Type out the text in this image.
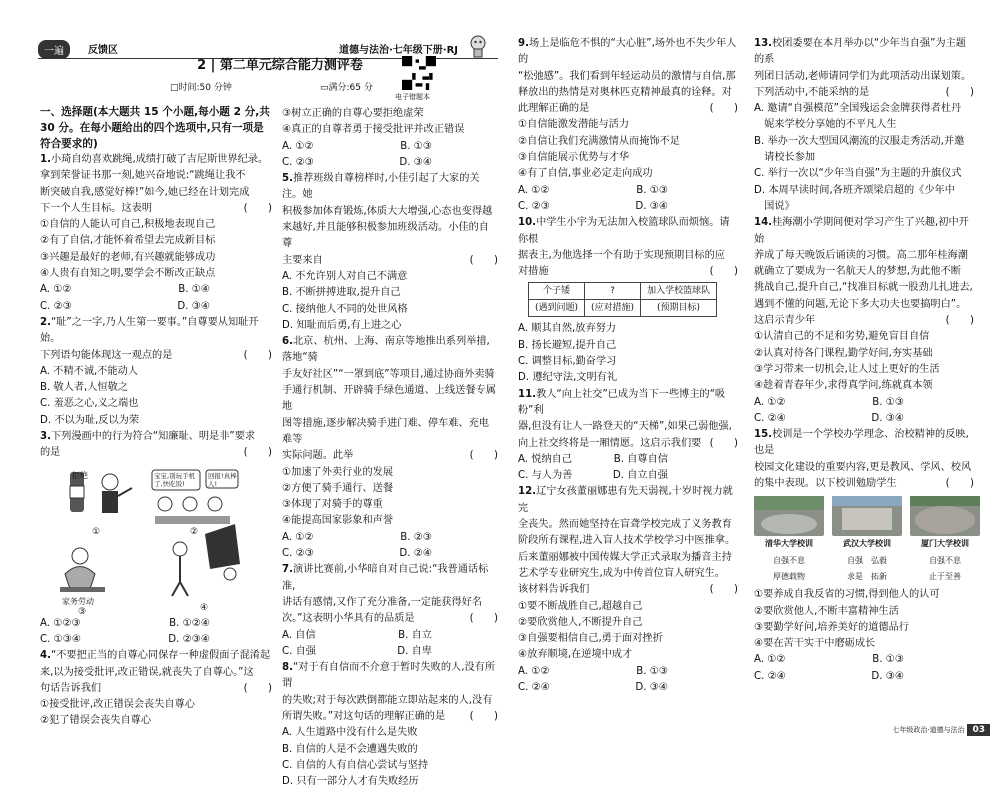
一遍	反馈区	道德与法治·七年级下册·RJ
2 | 第二单元综合能力测评卷
□时间:50 分钟	▭满分:65 分
电子错题本

一、选择题(本大题共 15 个小题,每小题 2 分,共 30 分。在每小题给出的四个选项中,只有一项是符合要求的)

1.小琦自幼喜欢跳绳,成绩打破了吉尼斯世界纪录。

拿到荣誉证书那一刻,她兴奋地说:“跳绳让我不

断突破自我,感觉好棒!”如今,她已经在计划完成

下一个人生目标。这表明	(　　)

①自信的人能认可自己,积极地表现自己

②有了自信,才能怀着希望去完成新目标

③兴趣是最好的老师,有兴趣就能够成功

④人贵有自知之明,要学会不断改正缺点

A. ①②	B. ①④

C. ②③	D. ③④

2.“耻”之一字,乃人生第一要事。”自尊要从知耻开始。

下列语句能体现这一观点的是	(　　)

A. 不精不诚,不能动人

B. 敬人者,人恒敬之

C. 羞恶之心,义之端也

D. 不以为耻,反以为荣

3.下列漫画中的行为符合“知廉耻、明是非”要求

的是	(　　)

拒绝	宝宝,别玩手机了,快吃饭!
回报!真棒人!
①	②
家务劳动
③	④

A. ①②③	B. ①②④

C. ①③④	D. ②③④

4.“不要把正当的自尊心同保存一种虚假面子混淆起

来,以为接受批评,改正错误,就丧失了自尊心。”这

句话告诉我们	(　　)

①接受批评,改正错误会丧失自尊心

②犯了错误会丧失自尊心

③树立正确的自尊心要拒绝虚荣

④真正的自尊者勇于接受批评并改正错误

A. ①②	B. ①③

C. ②③	D. ③④

5.推荐班级自尊榜样时,小佳引起了大家的关注。她

积极参加体育锻炼,体质大大增强,心态也变得越

来越好,并且能够积极参加班级活动。小佳的自尊

主要来自	(　　)

A. 不允许别人对自己不满意

B. 不断拼搏进取,提升自己

C. 接纳他人不同的处世风格

D. 知耻而后勇,有上进之心

6.北京、杭州、上海、南京等地推出系列举措,落地“骑

手友好社区”“一罩到底”等项目,通过协商外卖骑

手通行机制、开辟骑手绿色通道、上线送餐专属地

图等措施,逐步解决骑手进门难、停车难、充电难等

实际问题。此举	(　　)

①加速了外卖行业的发展

②方便了骑手通行、送餐

③体现了对骑手的尊重

④能提高国家影象和声誉

A. ①②	B. ②③

C. ②③	D. ②④

7.演讲比赛前,小华暗自对自己说:“我普通话标准,

讲话有感情,又作了充分准备,一定能获得好名

次。”这表明小华具有的品质是	(　　)

A. 自信	B. 自立

C. 自强	D. 自卑

8.“对于有自信而不介意于暂时失败的人,没有所谓

的失败;对于每次跌倒都能立即站起来的人,没有

所谓失败。”对这句话的理解正确的是 (　　)

A. 人生道路中没有什么是失败

B. 自信的人是不会遭遇失败的

C. 自信的人有自信心尝试与坚持

D. 只有一部分人才有失败经历

9.场上是临危不惧的“大心脏”,场外也不失少年人的

“松弛感”。我们看到年轻运动员的激情与自信,那

释放出的热情是对奥林匹克精神最真的诠释。对

此理解正确的是	(　　)

①自信能激发潜能与活力

②自信让我们充满激情从而掩饰不足

③自信能展示优势与才华

④有了自信,事业必定走向成功

A. ①②	B. ①③

C. ②③	D. ③④

10.中学生小宇为无法加入校篮球队而烦恼。请你根

据表主,为他选择一个有助于实现预期目标的应

对措施	(　　)

个子矮	?	加入学校篮球队
(遇到问题)	(应对措施)	(预期目标)

A. 顺其自然,放弃努力

B. 扬长避短,提升自己

C. 调整目标,勤奋学习

D. 遵纪守法,文明有礼

11.教人“向上社交”已成为当下一些博主的“吸粉”利

器,但没有让人一路登天的“天梯”,如果己弱他强,

向上社交终将是一厢情愿。这启示我们要 (　　)

A. 悦纳自己	B. 自尊自信

C. 与人为善	D. 自立自强

12.辽宁女孩董丽娜患有先天弱视,十岁时视力就完

全丧失。然而她坚持在盲聋学校完成了义务教育

阶段所有课程,进入盲人技术学校学习中医推拿。

后来董丽娜被中国传媒大学正式录取为播音主持

艺术学专业研究生,成为中传首位盲人研究生。

该材料告诉我们	(　　)

①要不断战胜自己,超越自己

②要欣赏他人,不断提升自己

③自强要相信自己,勇于面对挫折

④放弃顺境,在逆境中成才

A. ①②	B. ①③

C. ②④	D. ③④

13.校团委要在本月举办以“少年当自强”为主题的系

列团日活动,老师请同学们为此项活动出谋划策。

下列活动中,不能采纳的是	(　　)

A. 邀请“自强模范”全国残运会金牌获得者杜丹

　妮来学校分享她的不平凡人生

B. 举办一次大型国风潮流的汉服走秀活动,并邀

　请校长参加

C. 举行一次以“少年当自强”为主题的升旗仪式

D. 本周早读时间,各班齐颂梁启超的《少年中

　国说》

14.桂海潮小学期间便对学习产生了兴趣,初中开始

养成了每天晚饭后诵读的习惯。高二那年桂海潮

就确立了要成为一名航天人的梦想,为此他不断

挑战自己,提升自己,“找准目标就一股劲儿扎进去,

遇到不懂的问题,无论下多大功夫也要搞明白”。

这启示青少年	(　　)

①认清自己的不足和劣势,避免盲目自信

②认真对待各门课程,勤学好问,夯实基础

③学习带来一切机会,让人过上更好的生活

④趁着青春年少,求得真学问,练就真本领

A. ①②	B. ①③

C. ②④	D. ③④

15.校训是一个学校办学理念、治校精神的反映,也是

校园文化建设的重要内容,更是教风、学风、校风

的集中表现。以下校训勉励学生	(　　)

清华大学校训
自强不息
厚德载物
武汉大学校训
自强　弘毅
求是　拓新
厦门大学校训
自强不息
止于至善

①要养成自我反省的习惯,得到他人的认可

②要欣赏他人,不断丰富精神生活

③要勤学好问,培养美好的道德品行

④要在苦干实干中磨砺成长

A. ①②	B. ①③

C. ②④	D. ③④

七年级政治·道德与法治 03
